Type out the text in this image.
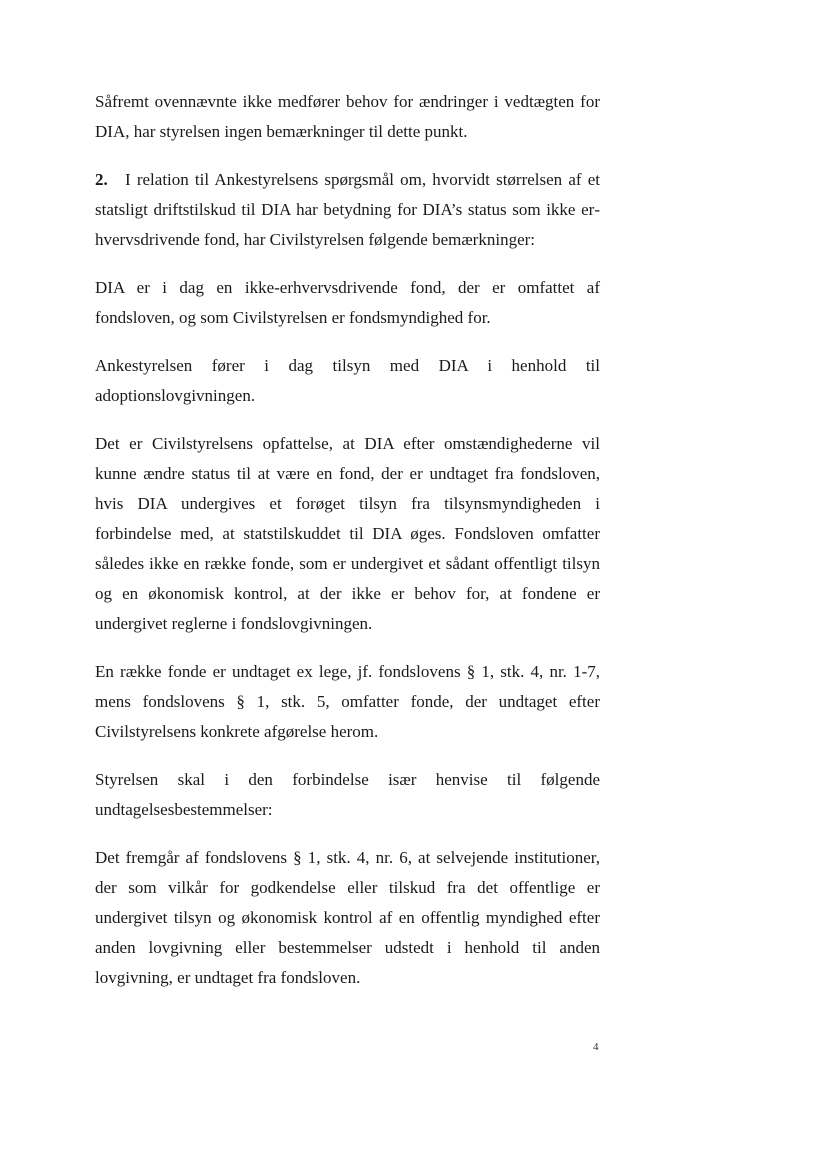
Såfremt ovennævnte ikke medfører behov for ændringer i vedtægten for DIA, har styrelsen ingen bemærkninger til dette punkt.

2. I relation til Ankestyrelsens spørgsmål om, hvorvidt størrelsen af et statsligt driftstilskud til DIA har betydning for DIA’s status som ikke erhvervsdrivende fond, har Civilstyrelsen følgende bemærkninger:

DIA er i dag en ikke-erhvervsdrivende fond, der er omfattet af fondsloven, og som Civilstyrelsen er fondsmyndighed for.

Ankestyrelsen fører i dag tilsyn med DIA i henhold til adoptionslovgivningen.

Det er Civilstyrelsens opfattelse, at DIA efter omstændighederne vil kunne ændre status til at være en fond, der er undtaget fra fondsloven, hvis DIA undergives et forøget tilsyn fra tilsynsmyndigheden i forbindelse med, at statstilskuddet til DIA øges. Fondsloven omfatter således ikke en række fonde, som er undergivet et sådant offentligt tilsyn og en økonomisk kontrol, at der ikke er behov for, at fondene er undergivet reglerne i fondslovgivningen.

En række fonde er undtaget ex lege, jf. fondslovens § 1, stk. 4, nr. 1-7, mens fondslovens § 1, stk. 5, omfatter fonde, der undtaget efter Civilstyrelsens konkrete afgørelse herom.

Styrelsen skal i den forbindelse især henvise til følgende undtagelsesbestemmelser:

Det fremgår af fondslovens § 1, stk. 4, nr. 6, at selvejende institutioner, der som vilkår for godkendelse eller tilskud fra det offentlige er undergivet tilsyn og økonomisk kontrol af en offentlig myndighed efter anden lovgivning eller bestemmelser udstedt i henhold til anden lovgivning, er undtaget fra fondsloven.

4
